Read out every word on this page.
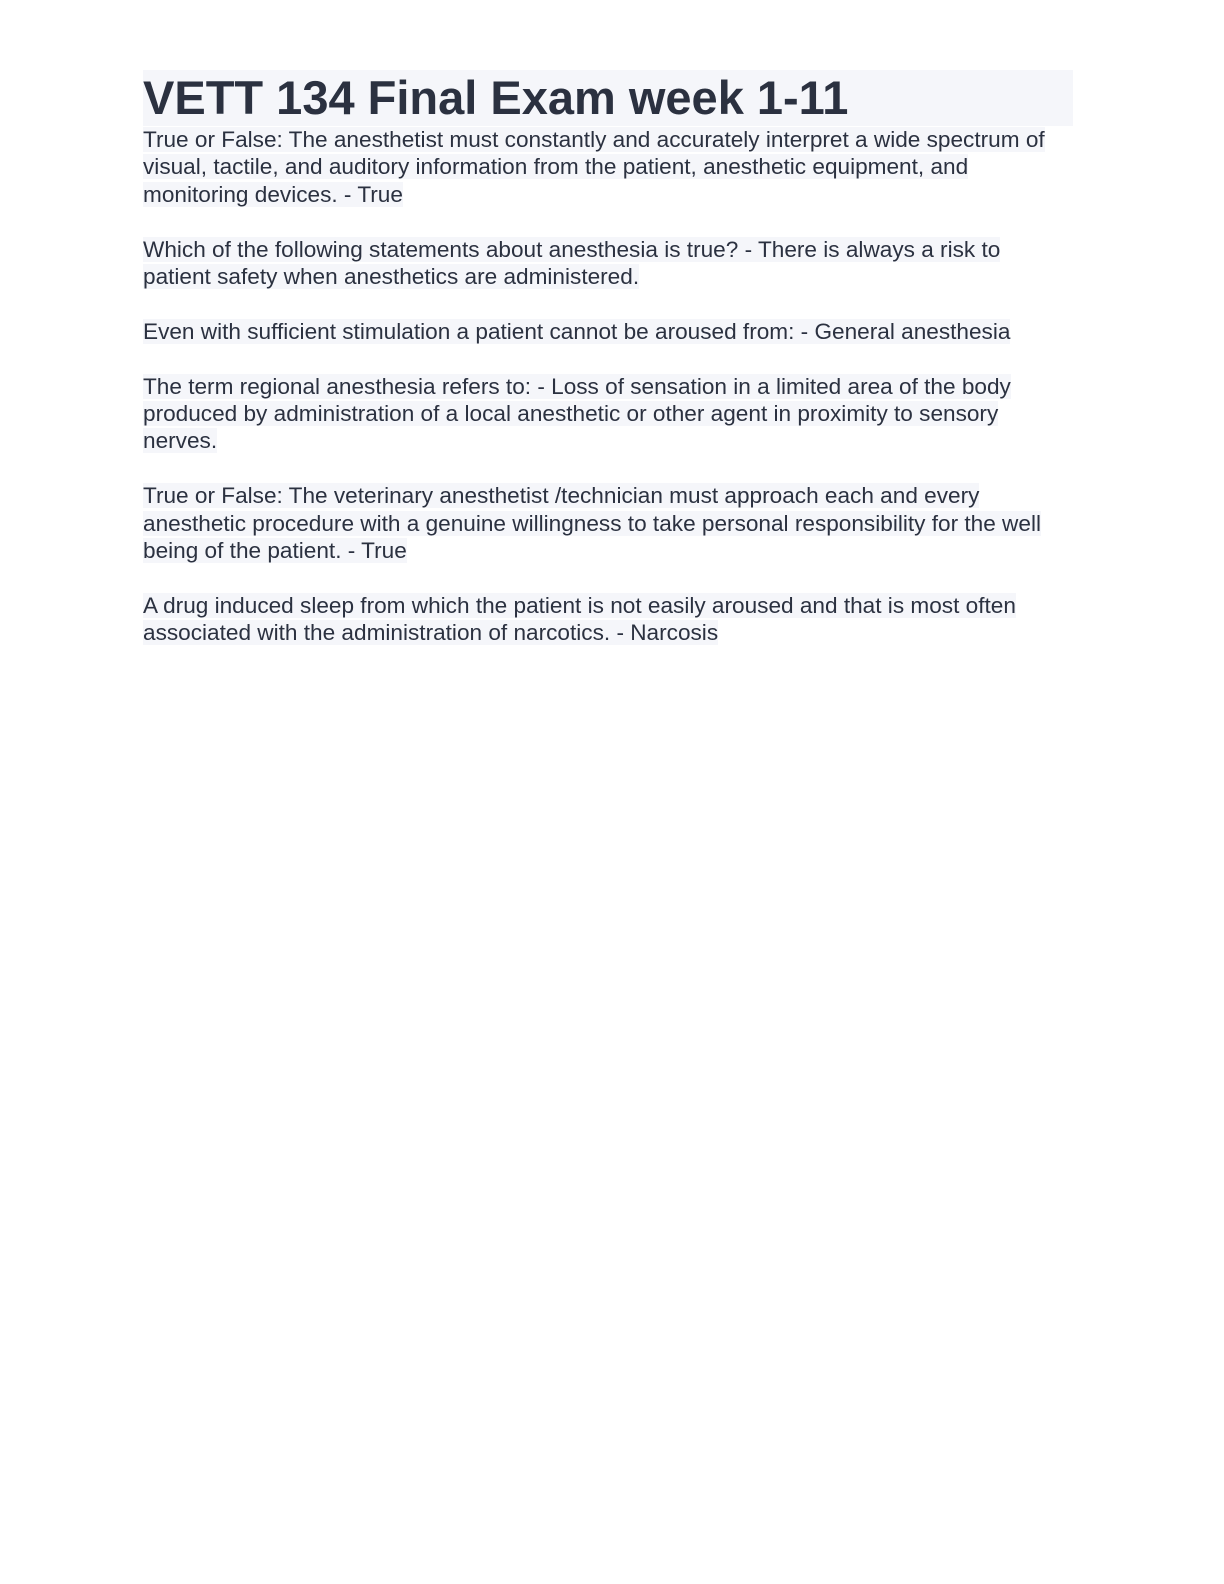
VETT 134 Final Exam week 1-11
True or False: The anesthetist must constantly and accurately interpret a wide spectrum of visual, tactile, and auditory information from the patient, anesthetic equipment, and monitoring devices. - True
Which of the following statements about anesthesia is true? - There is always a risk to patient safety when anesthetics are administered.
Even with sufficient stimulation a patient cannot be aroused from: - General anesthesia
The term regional anesthesia refers to: - Loss of sensation in a limited area of the body produced by administration of a local anesthetic or other agent in proximity to sensory nerves.
True or False: The veterinary anesthetist /technician must approach each and every anesthetic procedure with a genuine willingness to take personal responsibility for the well being of the patient. - True
A drug induced sleep from which the patient is not easily aroused and that is most often associated with the administration of narcotics. - Narcosis
